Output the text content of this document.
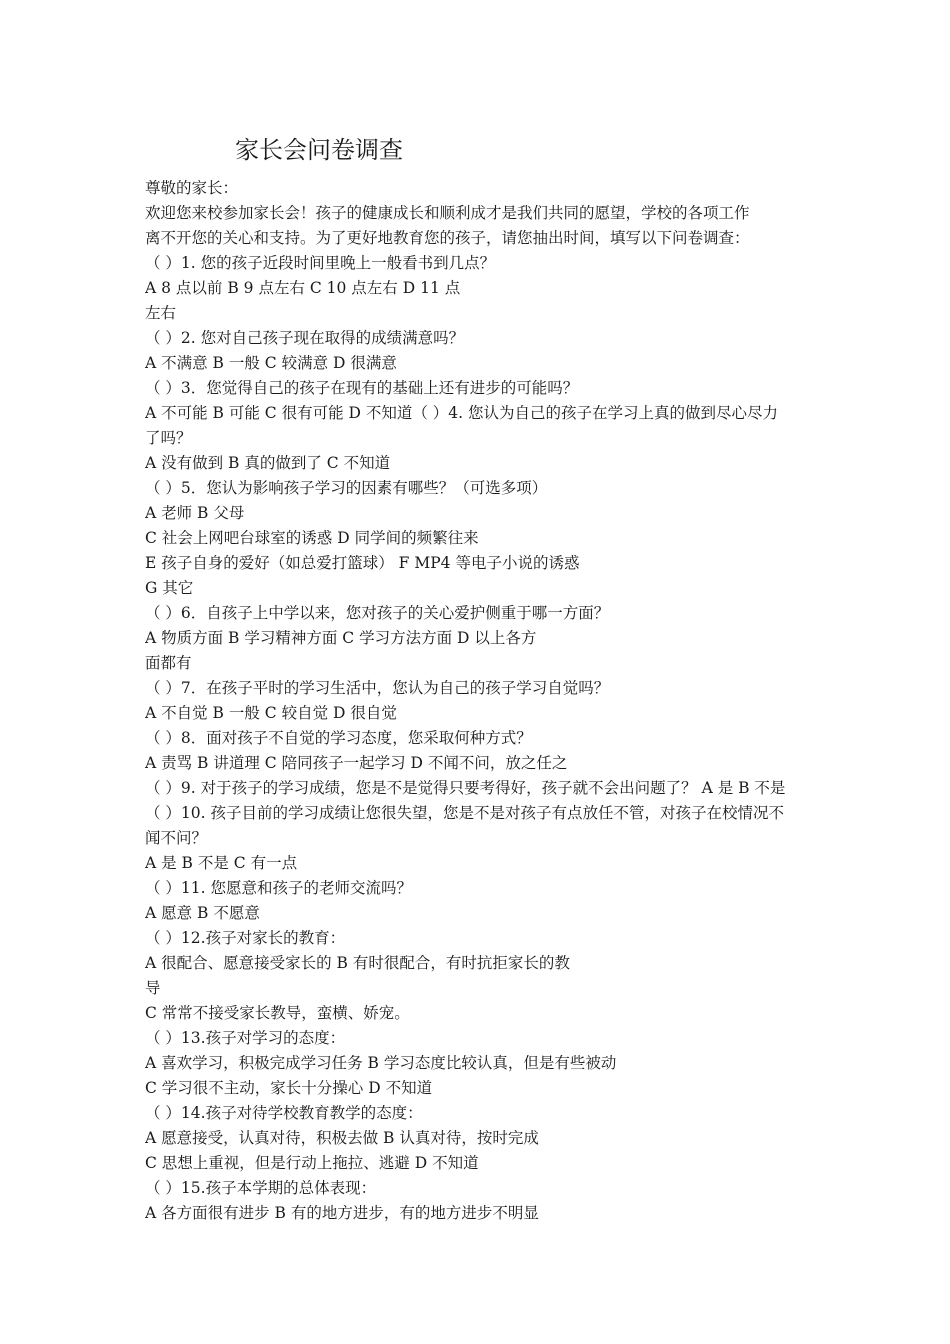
家长会问卷调查
尊敬的家长：
欢迎您来校参加家长会！孩子的健康成长和顺利成才是我们共同的愿望，学校的各项工作
离不开您的关心和支持。为了更好地教育您的孩子，请您抽出时间，填写以下问卷调查：
（ ）1. 您的孩子近段时间里晚上一般看书到几点？
A 8 点以前 B 9 点左右 C 10 点左右 D 11 点
左右
（ ）2. 您对自己孩子现在取得的成绩满意吗？
A 不满意 B 一般 C 较满意 D 很满意
（ ）3．您觉得自己的孩子在现有的基础上还有进步的可能吗？
A 不可能 B 可能 C 很有可能 D 不知道（ ）4. 您认为自己的孩子在学习上真的做到尽心尽力
了吗？
A 没有做到 B 真的做到了 C 不知道
（ ）5．您认为影响孩子学习的因素有哪些？（可选多项）
A 老师 B 父母
C 社会上网吧台球室的诱惑 D 同学间的频繁往来
E 孩子自身的爱好（如总爱打篮球） F MP4 等电子小说的诱惑
G 其它
（ ）6．自孩子上中学以来，您对孩子的关心爱护侧重于哪一方面？
A 物质方面 B 学习精神方面 C 学习方法方面 D 以上各方
面都有
（ ）7．在孩子平时的学习生活中，您认为自己的孩子学习自觉吗？
A 不自觉 B 一般 C 较自觉 D 很自觉
（ ）8．面对孩子不自觉的学习态度，您采取何种方式？
A 责骂 B 讲道理 C 陪同孩子一起学习 D 不闻不问，放之任之
（ ）9. 对于孩子的学习成绩，您是不是觉得只要考得好，孩子就不会出问题了？ A 是 B 不是
（ ）10. 孩子目前的学习成绩让您很失望，您是不是对孩子有点放任不管，对孩子在校情况不
闻不问？
A 是 B 不是 C 有一点
（ ）11. 您愿意和孩子的老师交流吗？
A 愿意 B 不愿意
（ ）12.孩子对家长的教育：
A 很配合、愿意接受家长的 B 有时很配合，有时抗拒家长的教
导
C 常常不接受家长教导，蛮横、娇宠。
（ ）13.孩子对学习的态度：
A 喜欢学习，积极完成学习任务 B 学习态度比较认真，但是有些被动
C 学习很不主动，家长十分操心 D 不知道
（ ）14.孩子对待学校教育教学的态度：
A 愿意接受，认真对待，积极去做 B 认真对待，按时完成
C 思想上重视，但是行动上拖拉、逃避 D 不知道
（ ）15.孩子本学期的总体表现：
A 各方面很有进步 B 有的地方进步，有的地方进步不明显
